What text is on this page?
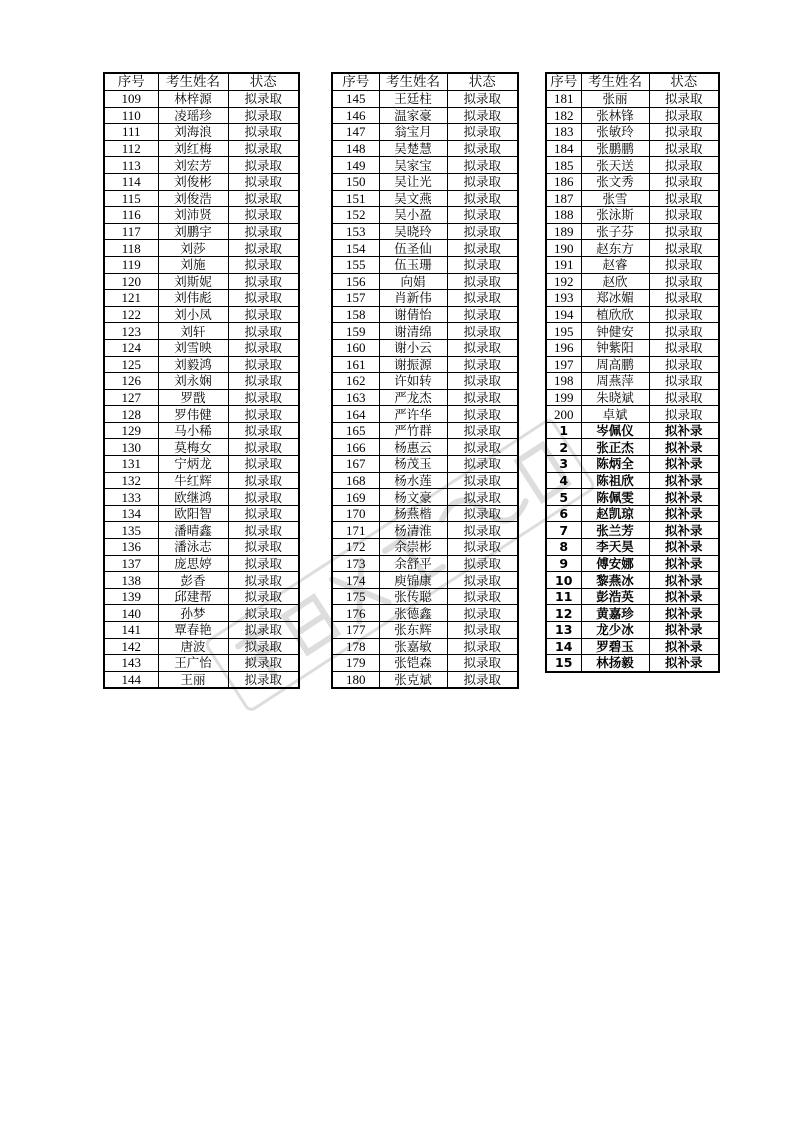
序号	考生姓名	状态
109	林梓源	拟录取
110	凌瑶珍	拟录取
111	刘海浪	拟录取
112	刘红梅	拟录取
113	刘宏芳	拟录取
114	刘俊彬	拟录取
115	刘俊浩	拟录取
116	刘沛贤	拟录取
117	刘鹏宇	拟录取
118	刘莎	拟录取
119	刘施	拟录取
120	刘斯妮	拟录取
121	刘伟彪	拟录取
122	刘小凤	拟录取
123	刘轩	拟录取
124	刘雪映	拟录取
125	刘毅鸿	拟录取
126	刘永娴	拟录取
127	罗戬	拟录取
128	罗伟健	拟录取
129	马小稀	拟录取
130	莫梅女	拟录取
131	宁炳龙	拟录取
132	牛红辉	拟录取
133	欧继鸿	拟录取
134	欧阳智	拟录取
135	潘晴鑫	拟录取
136	潘泳志	拟录取
137	庞思婷	拟录取
138	彭香	拟录取
139	邱建帮	拟录取
140	孙梦	拟录取
141	覃春艳	拟录取
142	唐波	拟录取
143	王广怡	拟录取
144	王丽	拟录取
序号	考生姓名	状态
145	王廷柱	拟录取
146	温家豪	拟录取
147	翁宝月	拟录取
148	吴楚慧	拟录取
149	吴家宝	拟录取
150	吴让光	拟录取
151	吴文燕	拟录取
152	吴小盈	拟录取
153	吴晓玲	拟录取
154	伍圣仙	拟录取
155	伍玉珊	拟录取
156	向娟	拟录取
157	肖新伟	拟录取
158	谢倩怡	拟录取
159	谢清绵	拟录取
160	谢小云	拟录取
161	谢振源	拟录取
162	许如转	拟录取
163	严龙杰	拟录取
164	严许华	拟录取
165	严竹群	拟录取
166	杨惠云	拟录取
167	杨茂玉	拟录取
168	杨水莲	拟录取
169	杨文豪	拟录取
170	杨燕楷	拟录取
171	杨清淮	拟录取
172	余崇彬	拟录取
173	余舒平	拟录取
174	庾锦康	拟录取
175	张传聪	拟录取
176	张德鑫	拟录取
177	张东辉	拟录取
178	张嘉敏	拟录取
179	张铠森	拟录取
180	张克斌	拟录取
序号	考生姓名	状态
181	张丽	拟录取
182	张林锋	拟录取
183	张敏玲	拟录取
184	张鹏鹏	拟录取
185	张天送	拟录取
186	张文秀	拟录取
187	张雪	拟录取
188	张泳斯	拟录取
189	张子芬	拟录取
190	赵东方	拟录取
191	赵睿	拟录取
192	赵欣	拟录取
193	郑冰媚	拟录取
194	植欣欣	拟录取
195	钟健安	拟录取
196	钟紫阳	拟录取
197	周高鹏	拟录取
198	周燕萍	拟录取
199	朱晓斌	拟录取
200	卓斌	拟录取
1	岑佩仪	拟补录
2	张正杰	拟补录
3	陈炳全	拟补录
4	陈祖欣	拟补录
5	陈佩雯	拟补录
6	赵凯琼	拟补录
7	张兰芳	拟补录
8	李天昊	拟补录
9	傅安娜	拟补录
10	黎燕冰	拟补录
11	彭浩英	拟补录
12	黄嘉珍	拟补录
13	龙少冰	拟补录
14	罗碧玉	拟补录
15	林扬毅	拟补录
